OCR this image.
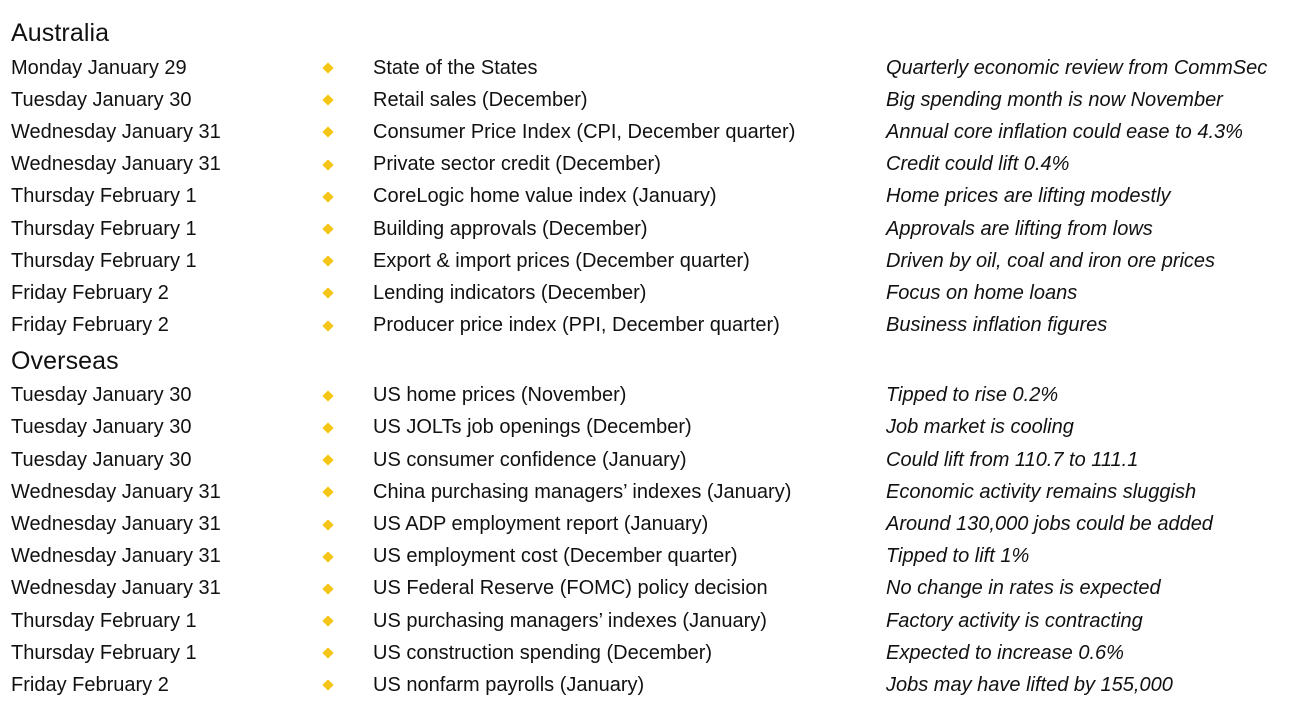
Australia
Monday January 29	State of the States	Quarterly economic review from CommSec
Tuesday January 30	Retail sales (December)	Big spending month is now November
Wednesday January 31	Consumer Price Index (CPI, December quarter)	Annual core inflation could ease to 4.3%
Wednesday January 31	Private sector credit (December)	Credit could lift 0.4%
Thursday February 1	CoreLogic home value index (January)	Home prices are lifting modestly
Thursday February 1	Building approvals (December)	Approvals are lifting from lows
Thursday February 1	Export & import prices (December quarter)	Driven by oil, coal and iron ore prices
Friday February 2	Lending indicators (December)	Focus on home loans
Friday February 2	Producer price index (PPI, December quarter)	Business inflation figures
Overseas
Tuesday January 30	US home prices (November)	Tipped to rise 0.2%
Tuesday January 30	US JOLTs job openings (December)	Job market is cooling
Tuesday January 30	US consumer confidence (January)	Could lift from 110.7 to 111.1
Wednesday January 31	China purchasing managers’ indexes (January)	Economic activity remains sluggish
Wednesday January 31	US ADP employment report (January)	Around 130,000 jobs could be added
Wednesday January 31	US employment cost (December quarter)	Tipped to lift 1%
Wednesday January 31	US Federal Reserve (FOMC) policy decision	No change in rates is expected
Thursday February 1	US purchasing managers’ indexes (January)	Factory activity is contracting
Thursday February 1	US construction spending (December)	Expected to increase 0.6%
Friday February 2	US nonfarm payrolls (January)	Jobs may have lifted by 155,000
